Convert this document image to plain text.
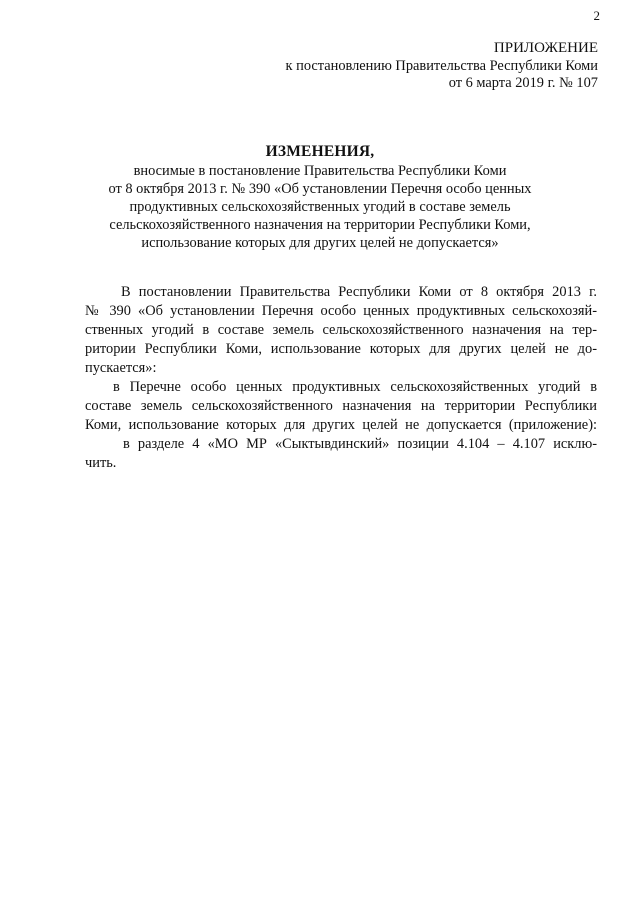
2
ПРИЛОЖЕНИЕ
к постановлению Правительства Республики Коми
от 6 марта 2019 г. № 107
ИЗМЕНЕНИЯ,
вносимые в постановление Правительства Республики Коми
от 8 октября 2013 г. № 390 «Об установлении Перечня особо ценных
продуктивных сельскохозяйственных угодий в составе земель
сельскохозяйственного назначения на территории Республики Коми,
использование которых для других целей не допускается»
В постановлении Правительства Республики Коми от 8 октября 2013 г.
№ 390 «Об установлении Перечня особо ценных продуктивных сельскохозяй-
ственных угодий в составе земель сельскохозяйственного назначения на тер-
ритории Республики Коми, использование которых для других целей не до-
пускается»:
в Перечне особо ценных продуктивных сельскохозяйственных угодий в
составе земель сельскохозяйственного назначения на территории Республики
Коми, использование которых для других целей не допускается (приложение):
в разделе 4 «МО МР «Сыктывдинский» позиции 4.104 – 4.107 исклю-
чить.
